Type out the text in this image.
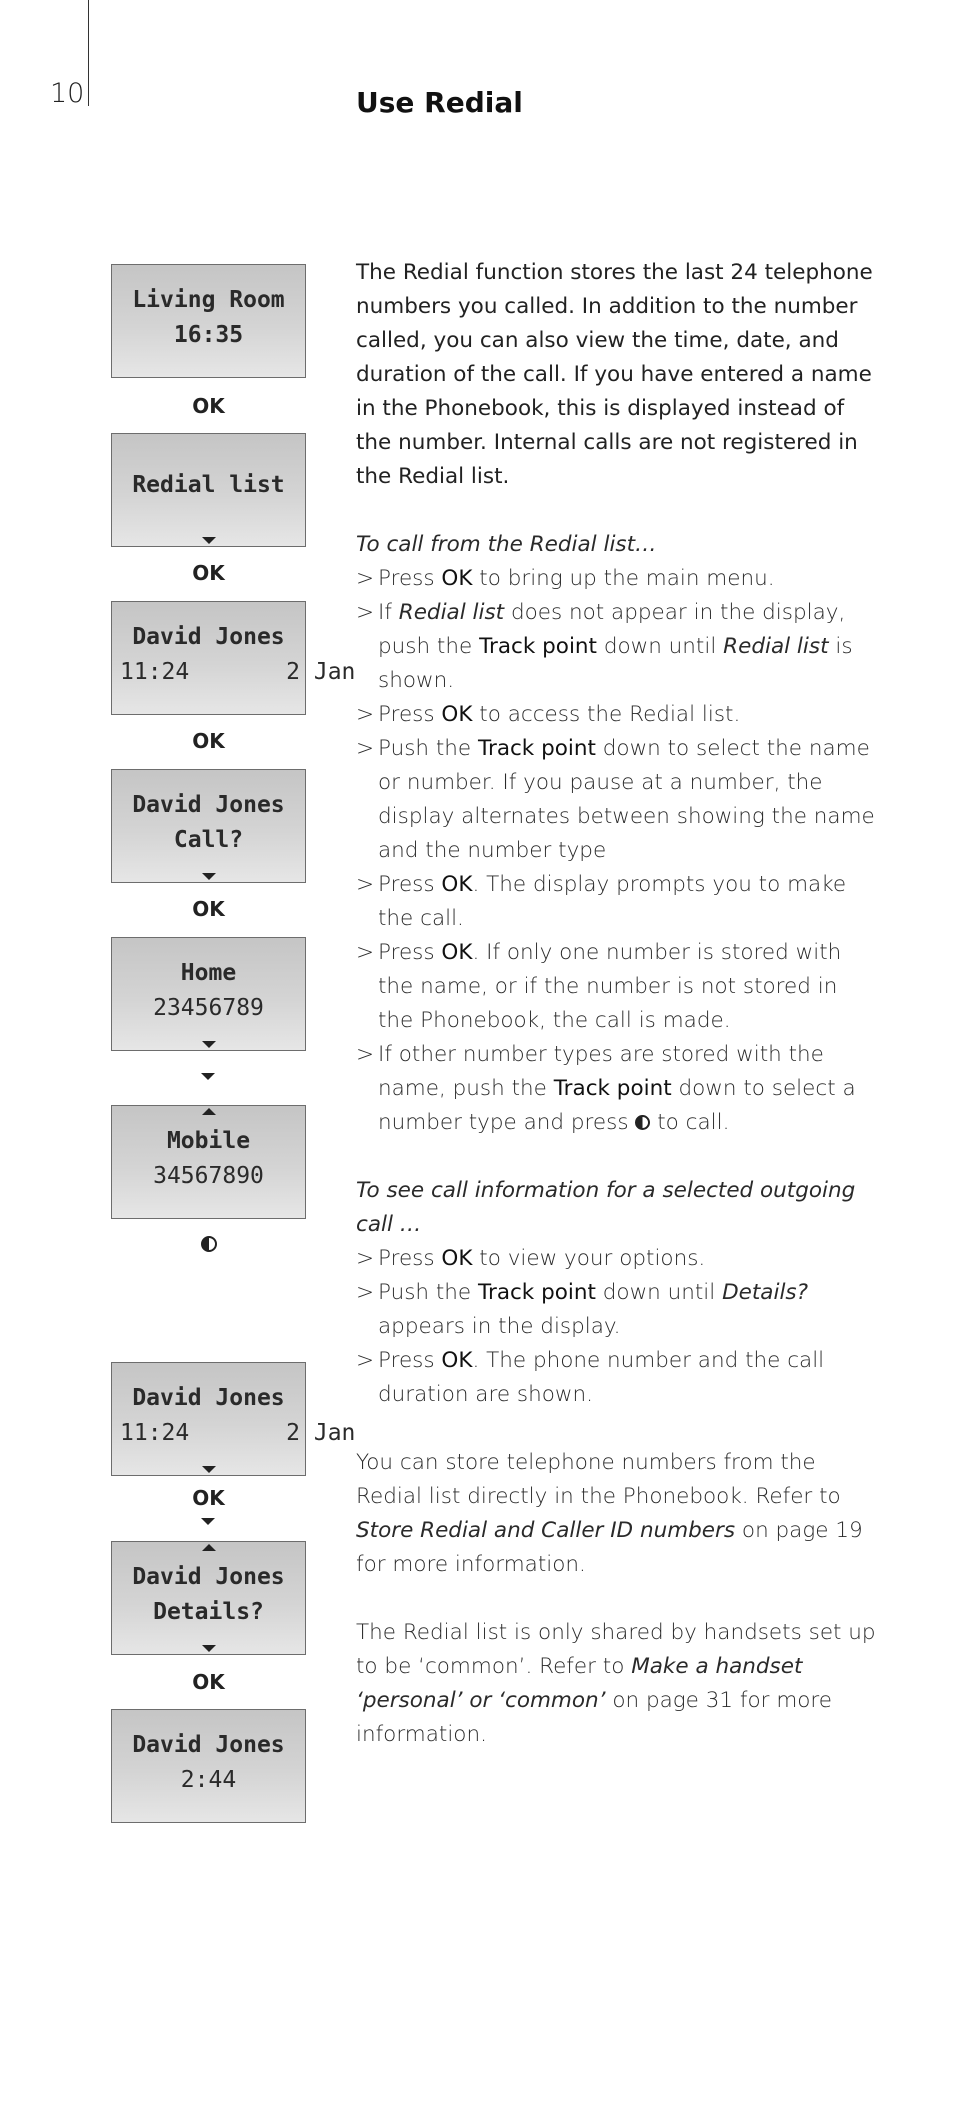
10	Use Redial
Living Room
16:35
OK
Redial list
OK
David Jones
11:24       2 Jan
OK
David Jones
Call?
OK
Home
23456789
Mobile
34567890
David Jones
11:24       2 Jan
OK
David Jones
Details?
OK
David Jones
2:44

The Redial function stores the last 24 telephone numbers you called. In addition to the number called, you can also view the time, date, and duration of the call. If you have entered a name in the Phonebook, this is displayed instead of the number. Internal calls are not registered in the Redial list.

To call from the Redial list…

> Press OK to bring up the main menu.
> If Redial list does not appear in the display, push the Track point down until Redial list is shown.
> Press OK to access the Redial list.
> Push the Track point down to select the name or number. If you pause at a number, the display alternates between showing the name and the number type
> Press OK. The display prompts you to make the call.
> Press OK. If only one number is stored with the name, or if the number is not stored in the Phonebook, the call is made.
> If other number types are stored with the name, push the Track point down to select a number type and press  to call.

To see call information for a selected outgoing call …

> Press OK to view your options.
> Push the Track point down until Details? appears in the display.
> Press OK. The phone number and the call duration are shown.

You can store telephone numbers from the Redial list directly in the Phonebook. Refer to Store Redial and Caller ID numbers on page 19 for more information.

The Redial list is only shared by handsets set up to be ‘common’. Refer to Make a handset ‘personal’ or ‘common’ on page 31 for more information.
